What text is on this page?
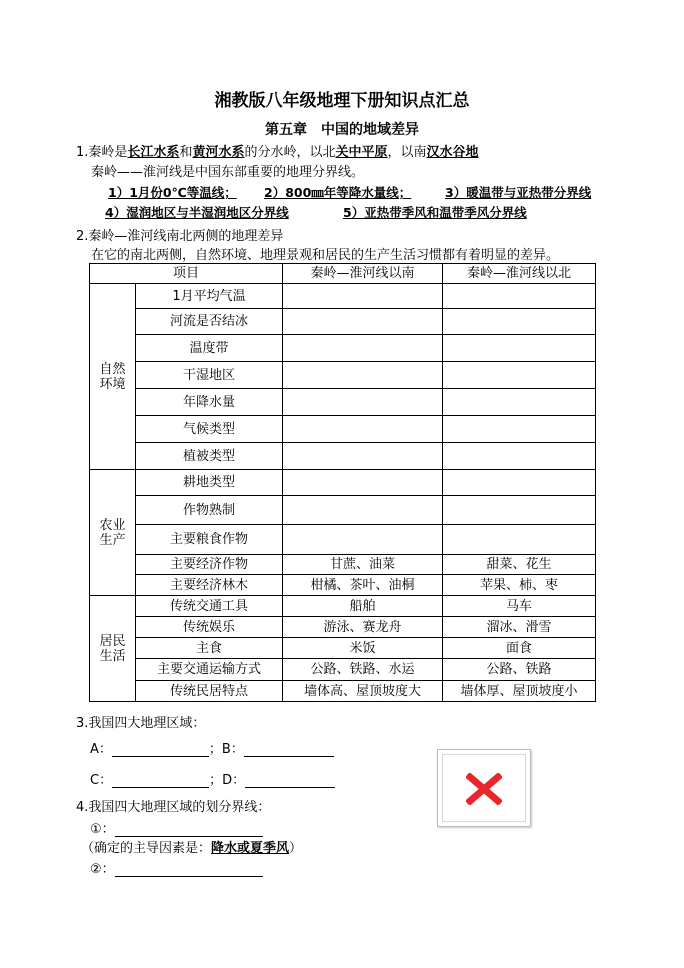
湘教版八年级地理下册知识点汇总
第五章　中国的地域差异
1.秦岭是长江水系和黄河水系的分水岭，以北关中平原，以南汉水谷地
秦岭——淮河线是中国东部重要的地理分界线。
1）1月份0℃等温线； 2）800㎜年等降水量线；	3）暖温带与亚热带分界线
4）湿润地区与半湿润地区分界线	5）亚热带季风和温带季风分界线
2.秦岭—淮河线南北两侧的地理差异
在它的南北两侧，自然环境、地理景观和居民的生产生活习惯都有着明显的差异。
项目		秦岭—淮河线以南	秦岭—淮河线以北
自然
环境	1月平均气温		
	河流是否结冰		
	温度带		
	干湿地区		
	年降水量		
	气候类型		
	植被类型		
农业
生产	耕地类型		
	作物熟制		
	主要粮食作物		
	主要经济作物	甘蔗、油菜	甜菜、花生
	主要经济林木	柑橘、茶叶、油桐	苹果、柿、枣
居民
生活	传统交通工具	船舶	马车
	传统娱乐	游泳、赛龙舟	溜冰、滑雪
	主食	米饭	面食
	主要交通运输方式	公路、铁路、水运	公路、铁路
	传统民居特点	墙体高、屋顶坡度大	墙体厚、屋顶坡度小
3.我国四大地理区域：
A：	；B：
C：	；D：
4.我国四大地理区域的划分界线：
①：
（确定的主导因素是：降水或夏季风）
②：
